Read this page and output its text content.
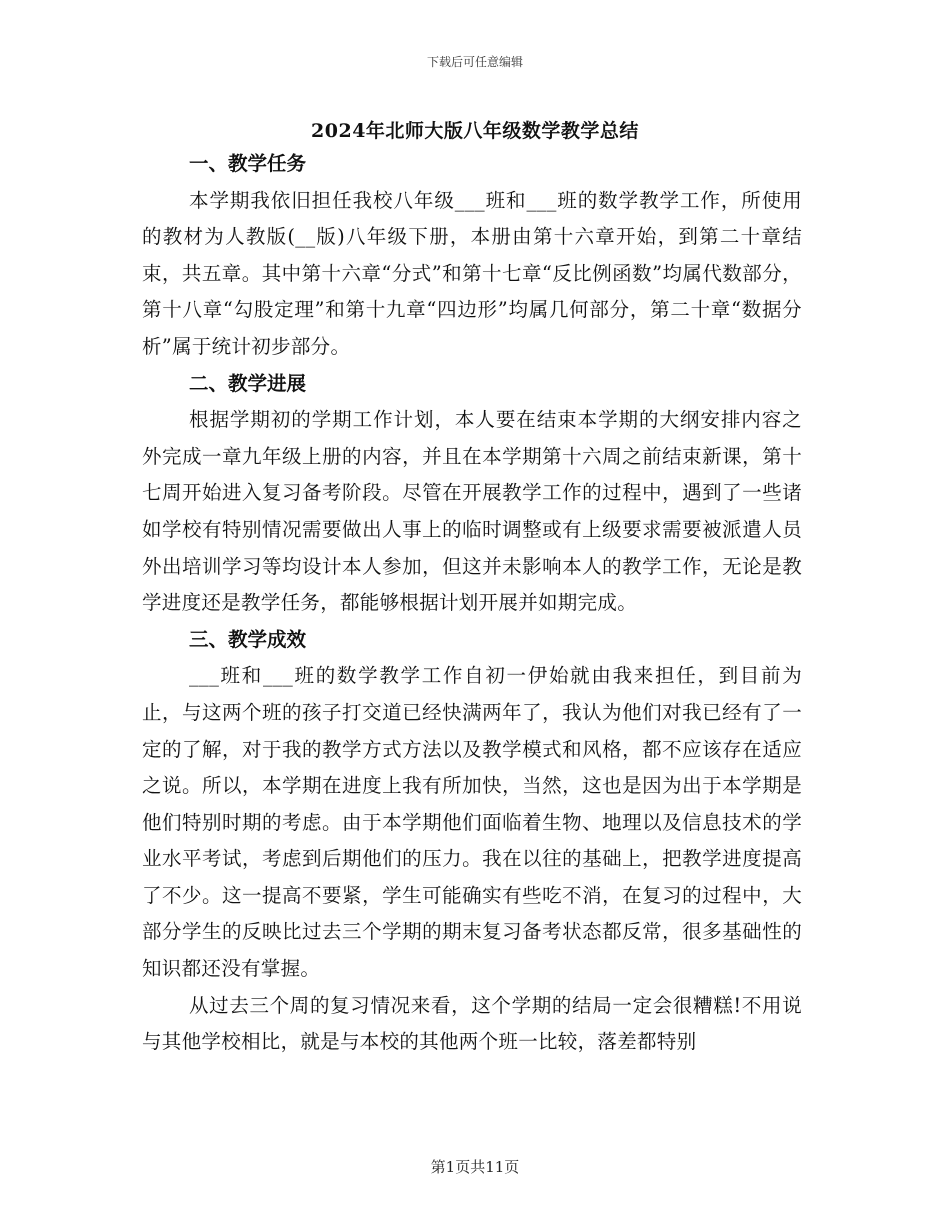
下载后可任意编辑
2024年北师大版八年级数学教学总结
一、教学任务

本学期我依旧担任我校八年级___班和___班的数学教学工作，所使用的教材为人教版(__版)八年级下册，本册由第十六章开始，到第二十章结束，共五章。其中第十六章“分式”和第十七章“反比例函数”均属代数部分，第十八章“勾股定理”和第十九章“四边形”均属几何部分，第二十章“数据分析”属于统计初步部分。

二、教学进展

根据学期初的学期工作计划，本人要在结束本学期的大纲安排内容之外完成一章九年级上册的内容，并且在本学期第十六周之前结束新课，第十七周开始进入复习备考阶段。尽管在开展教学工作的过程中，遇到了一些诸如学校有特别情况需要做出人事上的临时调整或有上级要求需要被派遣人员外出培训学习等均设计本人参加，但这并未影响本人的教学工作，无论是教学进度还是教学任务，都能够根据计划开展并如期完成。

三、教学成效

___班和___班的数学教学工作自初一伊始就由我来担任，到目前为止，与这两个班的孩子打交道已经快满两年了，我认为他们对我已经有了一定的了解，对于我的教学方式方法以及教学模式和风格，都不应该存在适应之说。所以，本学期在进度上我有所加快，当然，这也是因为出于本学期是他们特别时期的考虑。由于本学期他们面临着生物、地理以及信息技术的学业水平考试，考虑到后期他们的压力。我在以往的基础上，把教学进度提高了不少。这一提高不要紧，学生可能确实有些吃不消，在复习的过程中，大部分学生的反映比过去三个学期的期末复习备考状态都反常，很多基础性的知识都还没有掌握。

从过去三个周的复习情况来看，这个学期的结局一定会很糟糕!不用说与其他学校相比，就是与本校的其他两个班一比较，落差都特别

第1页共11页
